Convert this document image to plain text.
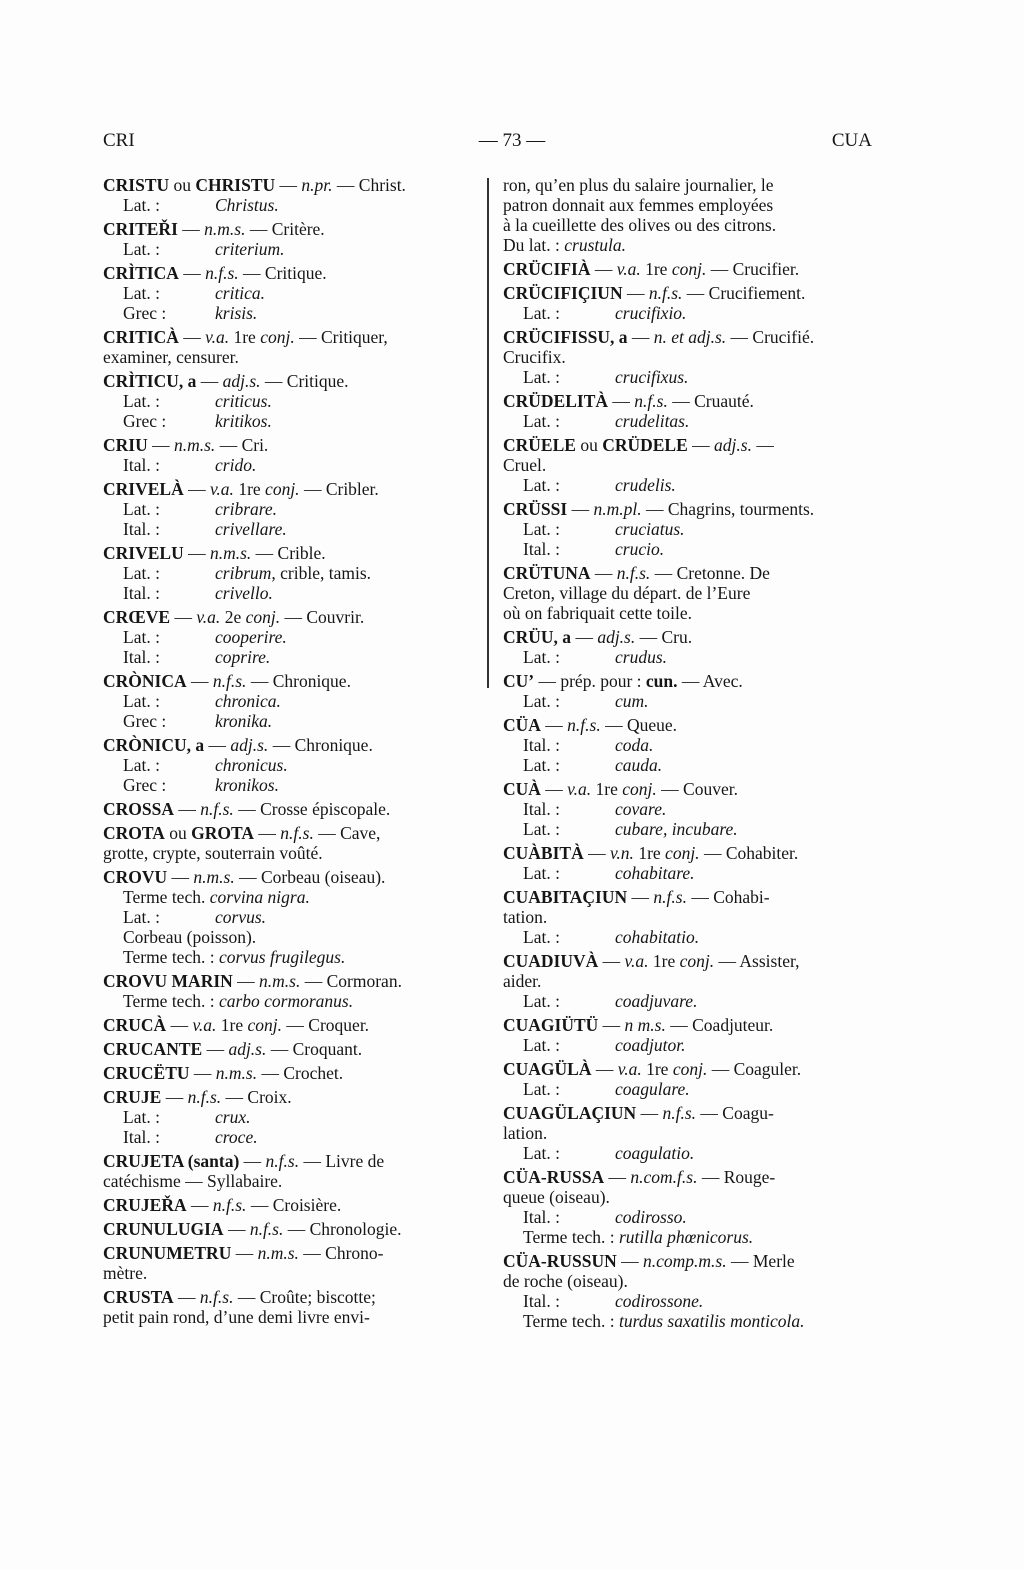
CRI	— 73 —	CUA
CRISTU ou CHRISTU — n.pr. — Christ.
Lat. :	Christus.
CRITEŘI — n.m.s. — Critère.
Lat. :	criterium.
CRÌTICA — n.f.s. — Critique.
Lat. :	critica.
Grec :	krisis.
CRITICÀ — v.a. 1re conj. — Critiquer,
examiner, censurer.
CRÌTICU, a — adj.s. — Critique.
Lat. :	criticus.
Grec :	kritikos.
CRIU — n.m.s. — Cri.
Ital. :	crido.
CRIVELÀ — v.a. 1re conj. — Cribler.
Lat. :	cribrare.
Ital. :	crivellare.
CRIVELU — n.m.s. — Crible.
Lat. :	cribrum, crible, tamis.
Ital. :	crivello.
CRŒVE — v.a. 2e conj. — Couvrir.
Lat. :	cooperire.
Ital. :	coprire.
CRÒNICA — n.f.s. — Chronique.
Lat. :	chronica.
Grec :	kronika.
CRÒNICU, a — adj.s. — Chronique.
Lat. :	chronicus.
Grec :	kronikos.
CROSSA — n.f.s. — Crosse épiscopale.
CROTA ou GROTA — n.f.s. — Cave,
grotte, crypte, souterrain voûté.
CROVU — n.m.s. — Corbeau (oiseau).
Terme tech. corvina nigra.
Lat. :	corvus.
Corbeau (poisson).
Terme tech. : corvus frugilegus.
CROVU MARIN — n.m.s. — Cormoran.
Terme tech. : carbo cormoranus.
CRUCÀ — v.a. 1re conj. — Croquer.
CRUCANTE — adj.s. — Croquant.
CRUCËTU — n.m.s. — Crochet.
CRUJE — n.f.s. — Croix.
Lat. :	crux.
Ital. :	croce.
CRUJETA (santa) — n.f.s. — Livre de
catéchisme — Syllabaire.
CRUJEŘA — n.f.s. — Croisière.
CRUNULUGIA — n.f.s. — Chronologie.
CRUNUMETRU — n.m.s. — Chrono-
mètre.
CRUSTA — n.f.s. — Croûte; biscotte;
petit pain rond, d’une demi livre envi-
ron, qu’en plus du salaire journalier, le
patron donnait aux femmes employées
à la cueillette des olives ou des citrons.
Du lat. : crustula.
CRÜCIFIÀ — v.a. 1re conj. — Crucifier.
CRÜCIFIÇIUN — n.f.s. — Crucifiement.
Lat. :	crucifixio.
CRÜCIFISSU, a — n. et adj.s. — Crucifié.
Crucifix.
Lat. :	crucifixus.
CRÜDELITÀ — n.f.s. — Cruauté.
Lat. :	crudelitas.
CRÜELE ou CRÜDELE — adj.s. —
Cruel.
Lat. :	crudelis.
CRÜSSI — n.m.pl. — Chagrins, tourments.
Lat. :	cruciatus.
Ital. :	crucio.
CRÜTUNA — n.f.s. — Cretonne. De
Creton, village du départ. de l’Eure
où on fabriquait cette toile.
CRÜU, a — adj.s. — Cru.
Lat. :	crudus.
CU’ — prép. pour : cun. — Avec.
Lat. :	cum.
CÜA — n.f.s. — Queue.
Ital. :	coda.
Lat. :	cauda.
CUÀ — v.a. 1re conj. — Couver.
Ital. :	covare.
Lat. :	cubare, incubare.
CUÀBITÀ — v.n. 1re conj. — Cohabiter.
Lat. :	cohabitare.
CUABITAÇIUN — n.f.s. — Cohabi-
tation.
Lat. :	cohabitatio.
CUADIUVÀ — v.a. 1re conj. — Assister,
aider.
Lat. :	coadjuvare.
CUAGIÜTÜ — n m.s. — Coadjuteur.
Lat. :	coadjutor.
CUAGÜLÀ — v.a. 1re conj. — Coaguler.
Lat. :	coagulare.
CUAGÜLAÇIUN — n.f.s. — Coagu-
lation.
Lat. :	coagulatio.
CÜA-RUSSA — n.com.f.s. — Rouge-
queue (oiseau).
Ital. :	codirosso.
Terme tech. : rutilla phœnicorus.
CÜA-RUSSUN — n.comp.m.s. — Merle
de roche (oiseau).
Ital. :	codirossone.
Terme tech. : turdus saxatilis monticola.
